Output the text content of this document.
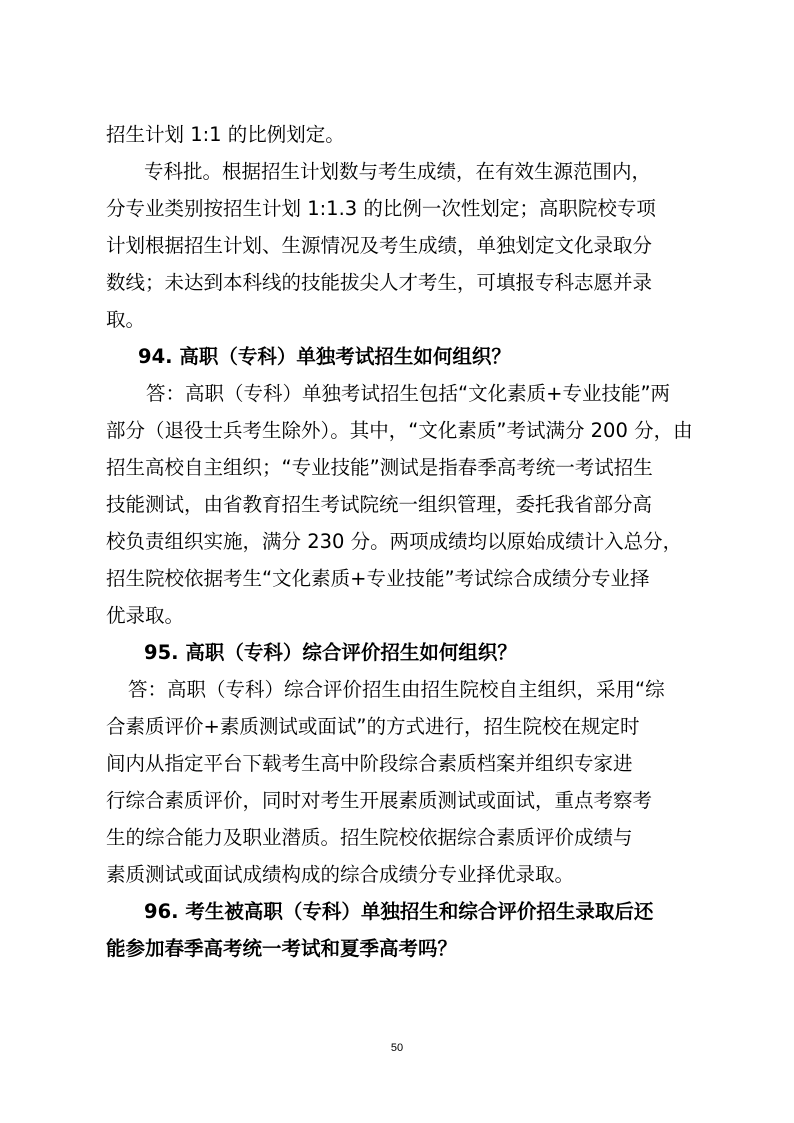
招生计划 1:1 的比例划定。
专科批。根据招生计划数与考生成绩，在有效生源范围内，
分专业类别按招生计划 1:1.3 的比例一次性划定；高职院校专项
计划根据招生计划、生源情况及考生成绩，单独划定文化录取分
数线；未达到本科线的技能拔尖人才考生，可填报专科志愿并录
取。
94. 高职（专科）单独考试招生如何组织？
答：高职（专科）单独考试招生包括“文化素质+专业技能”两
部分（退役士兵考生除外）。其中，“文化素质”考试满分 200 分，由
招生高校自主组织；“专业技能”测试是指春季高考统一考试招生
技能测试，由省教育招生考试院统一组织管理，委托我省部分高
校负责组织实施，满分 230 分。两项成绩均以原始成绩计入总分，
招生院校依据考生“文化素质+专业技能”考试综合成绩分专业择
优录取。
95. 高职（专科）综合评价招生如何组织？
答：高职（专科）综合评价招生由招生院校自主组织，采用“综
合素质评价+素质测试或面试”的方式进行，招生院校在规定时
间内从指定平台下载考生高中阶段综合素质档案并组织专家进
行综合素质评价，同时对考生开展素质测试或面试，重点考察考
生的综合能力及职业潜质。招生院校依据综合素质评价成绩与
素质测试或面试成绩构成的综合成绩分专业择优录取。
96. 考生被高职（专科）单独招生和综合评价招生录取后还
能参加春季高考统一考试和夏季高考吗？
50
